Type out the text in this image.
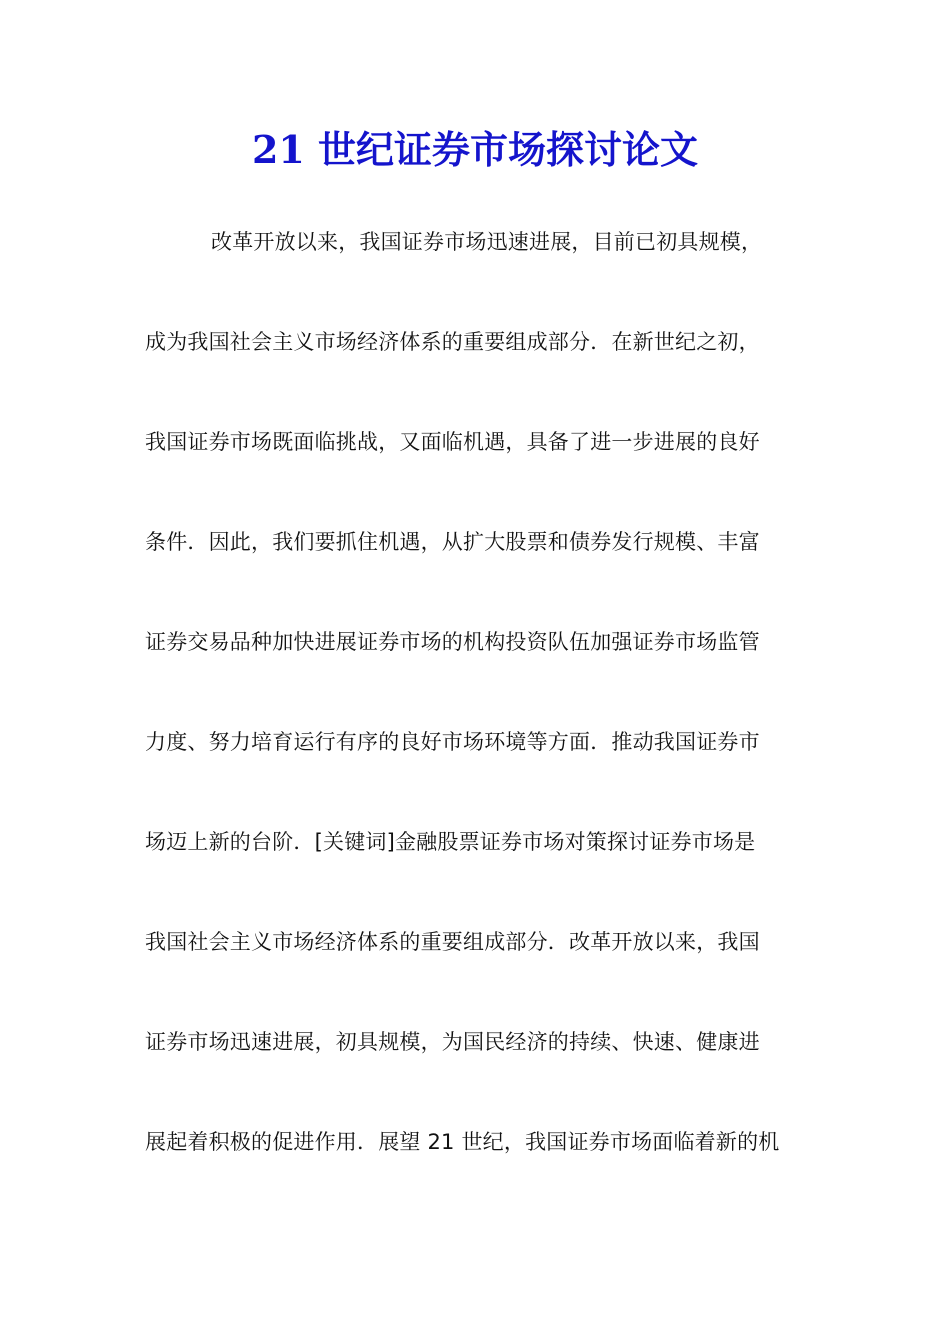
21 世纪证券市场探讨论文
改革开放以来，我国证券市场迅速进展，目前已初具规模，
成为我国社会主义市场经济体系的重要组成部分．在新世纪之初，
我国证券市场既面临挑战，又面临机遇，具备了进一步进展的良好
条件．因此，我们要抓住机遇，从扩大股票和债券发行规模、丰富
证券交易品种加快进展证券市场的机构投资队伍加强证券市场监管
力度、努力培育运行有序的良好市场环境等方面．推动我国证券市
场迈上新的台阶．[关键词]金融股票证券市场对策探讨证券市场是
我国社会主义市场经济体系的重要组成部分．改革开放以来，我国
证券市场迅速进展，初具规模，为国民经济的持续、快速、健康进
展起着积极的促进作用．展望 21 世纪，我国证券市场面临着新的机
